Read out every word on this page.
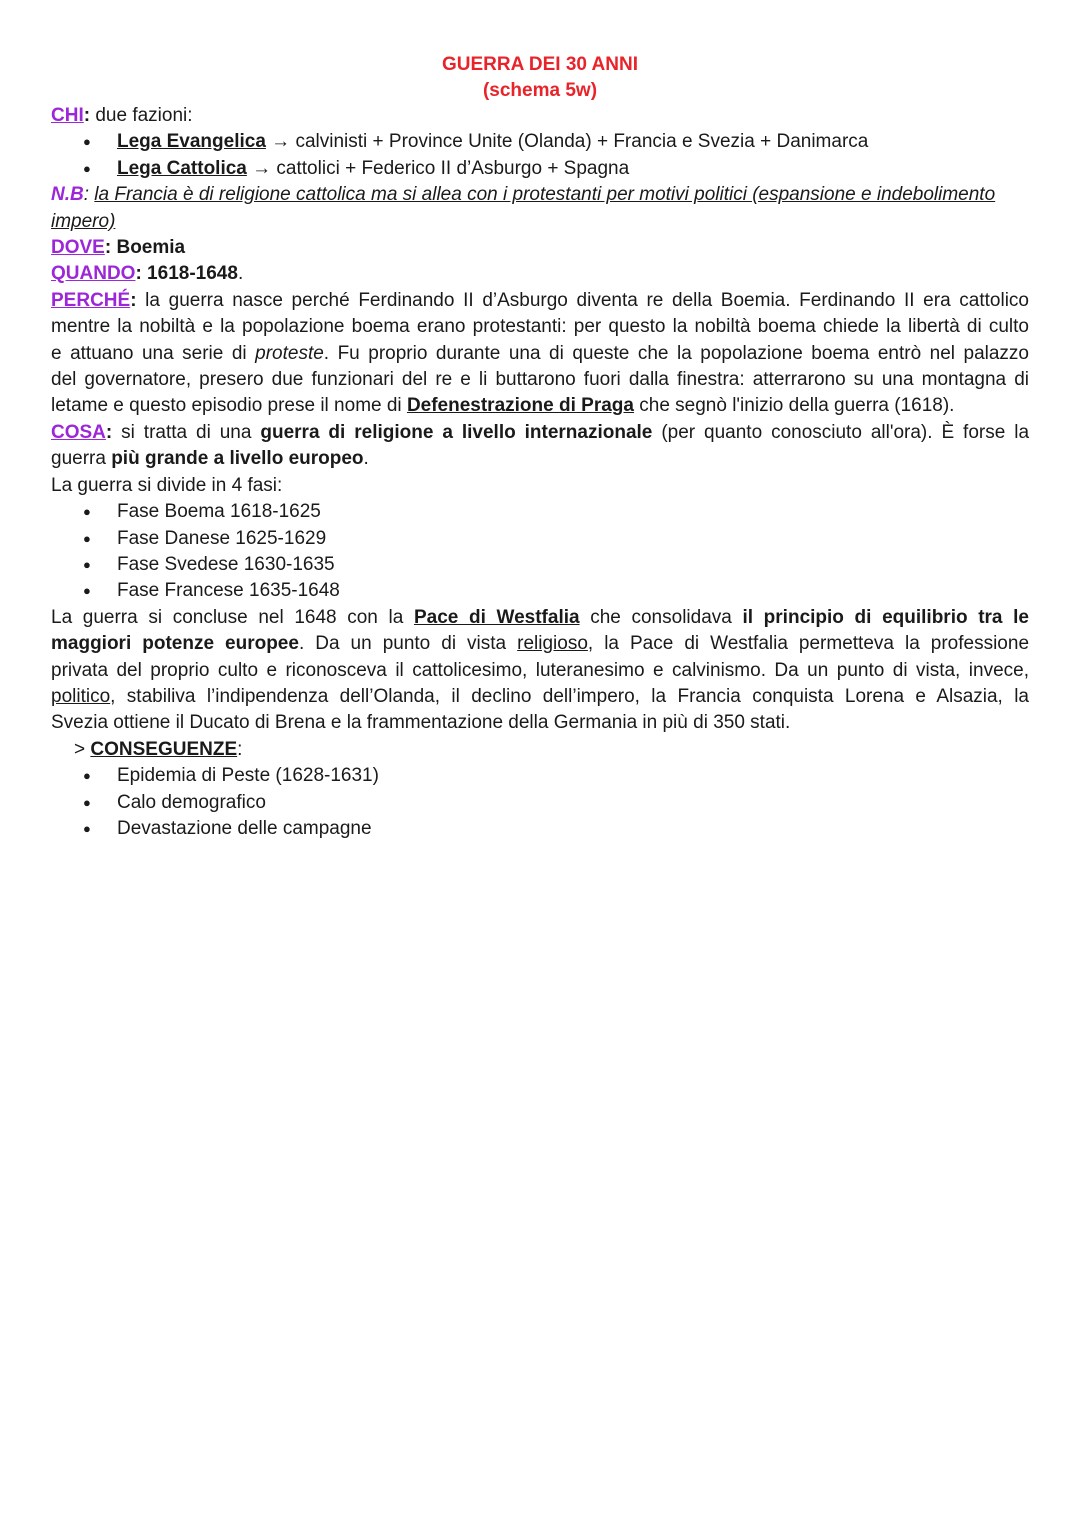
GUERRA DEI 30 ANNI
(schema 5w)
CHI: due fazioni:
● Lega Evangelica → calvinisti + Province Unite (Olanda) + Francia e Svezia + Danimarca
● Lega Cattolica → cattolici + Federico II d’Asburgo + Spagna
N.B: la Francia è di religione cattolica ma si allea con i protestanti per motivi politici (espansione e indebolimento
impero)
DOVE: Boemia
QUANDO: 1618-1648.
PERCHÉ: la guerra nasce perché Ferdinando II d’Asburgo diventa re della Boemia. Ferdinando II era cattolico
mentre la nobiltà e la popolazione boema erano protestanti: per questo la nobiltà boema chiede la libertà di culto
e attuano una serie di proteste. Fu proprio durante una di queste che la popolazione boema entrò nel palazzo
del governatore, presero due funzionari del re e li buttarono fuori dalla finestra: atterrarono su una montagna di
letame e questo episodio prese il nome di Defenestrazione di Praga che segnò l'inizio della guerra (1618).
COSA: si tratta di una guerra di religione a livello internazionale (per quanto conosciuto all'ora). È forse la
guerra più grande a livello europeo.
La guerra si divide in 4 fasi:
● Fase Boema 1618-1625
● Fase Danese 1625-1629
● Fase Svedese 1630-1635
● Fase Francese 1635-1648
La guerra si concluse nel 1648 con la Pace di Westfalia che consolidava il principio di equilibrio tra le
maggiori potenze europee. Da un punto di vista religioso, la Pace di Westfalia permetteva la professione
privata del proprio culto e riconosceva il cattolicesimo, luteranesimo e calvinismo. Da un punto di vista, invece,
politico, stabiliva l’indipendenza dell’Olanda, il declino dell’impero, la Francia conquista Lorena e Alsazia, la
Svezia ottiene il Ducato di Brena e la frammentazione della Germania in più di 350 stati.
> CONSEGUENZE:
● Epidemia di Peste (1628-1631)
● Calo demografico
● Devastazione delle campagne
